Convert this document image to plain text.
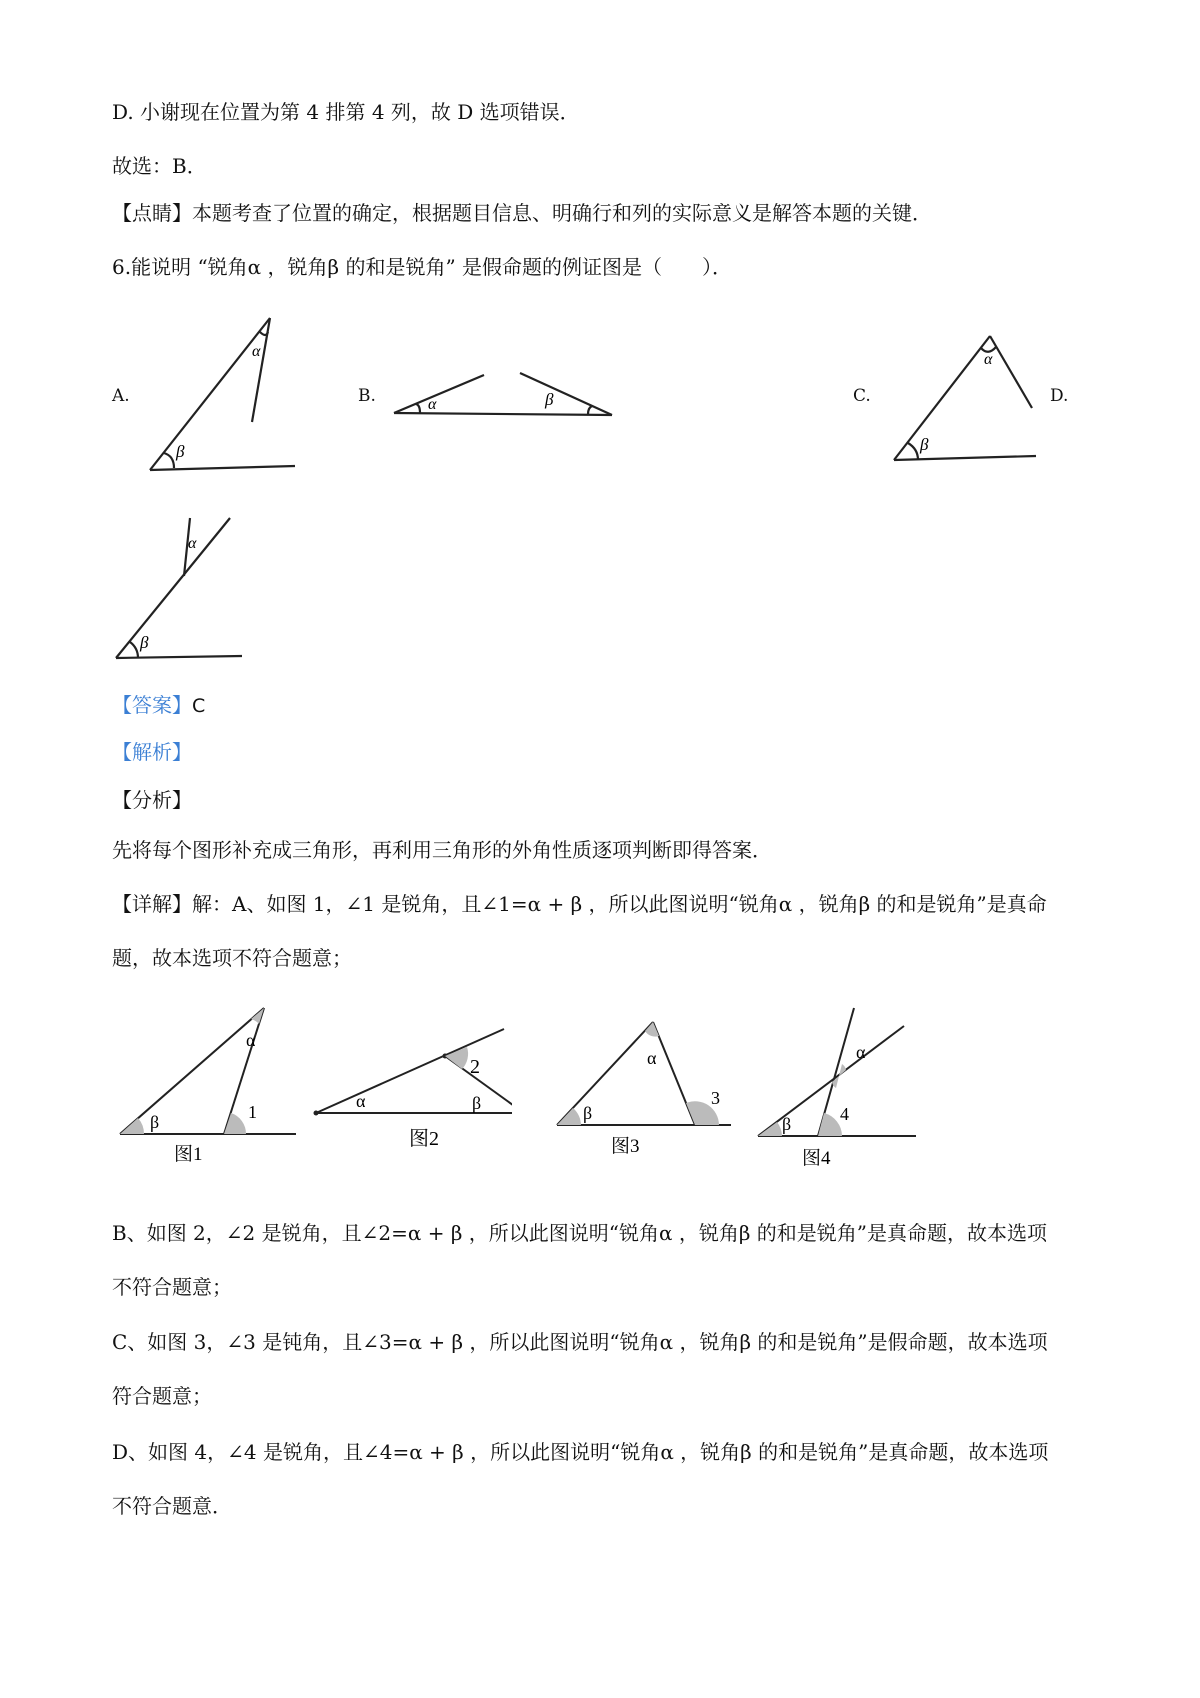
D. 小谢现在位置为第 4 排第 4 列，故 D 选项错误．
故选：B．
【点睛】本题考查了位置的确定，根据题目信息、明确行和列的实际意义是解答本题的关键．
6.能说明 “锐角α ，锐角β 的和是锐角” 是假命题的例证图是（　　）．
A.	B.	C.	D.
α
β
α	β
α
β
α
β
【答案】C
【解析】
【分析】
先将每个图形补充成三角形，再利用三角形的外角性质逐项判断即得答案．
【详解】解：A、如图 1，∠1 是锐角，且∠1=α + β ，所以此图说明“锐角α ，锐角β 的和是锐角”是真命
题，故本选项不符合题意；
α
β	1
图1
α	β
2
图2
α
β
3
图3
α
β	4
图4
B、如图 2，∠2 是锐角，且∠2=α + β ，所以此图说明“锐角α ，锐角β 的和是锐角”是真命题，故本选项
不符合题意；
C、如图 3，∠3 是钝角，且∠3=α + β ，所以此图说明“锐角α ，锐角β 的和是锐角”是假命题，故本选项
符合题意；
D、如图 4，∠4 是锐角，且∠4=α + β ，所以此图说明“锐角α ，锐角β 的和是锐角”是真命题，故本选项
不符合题意．
